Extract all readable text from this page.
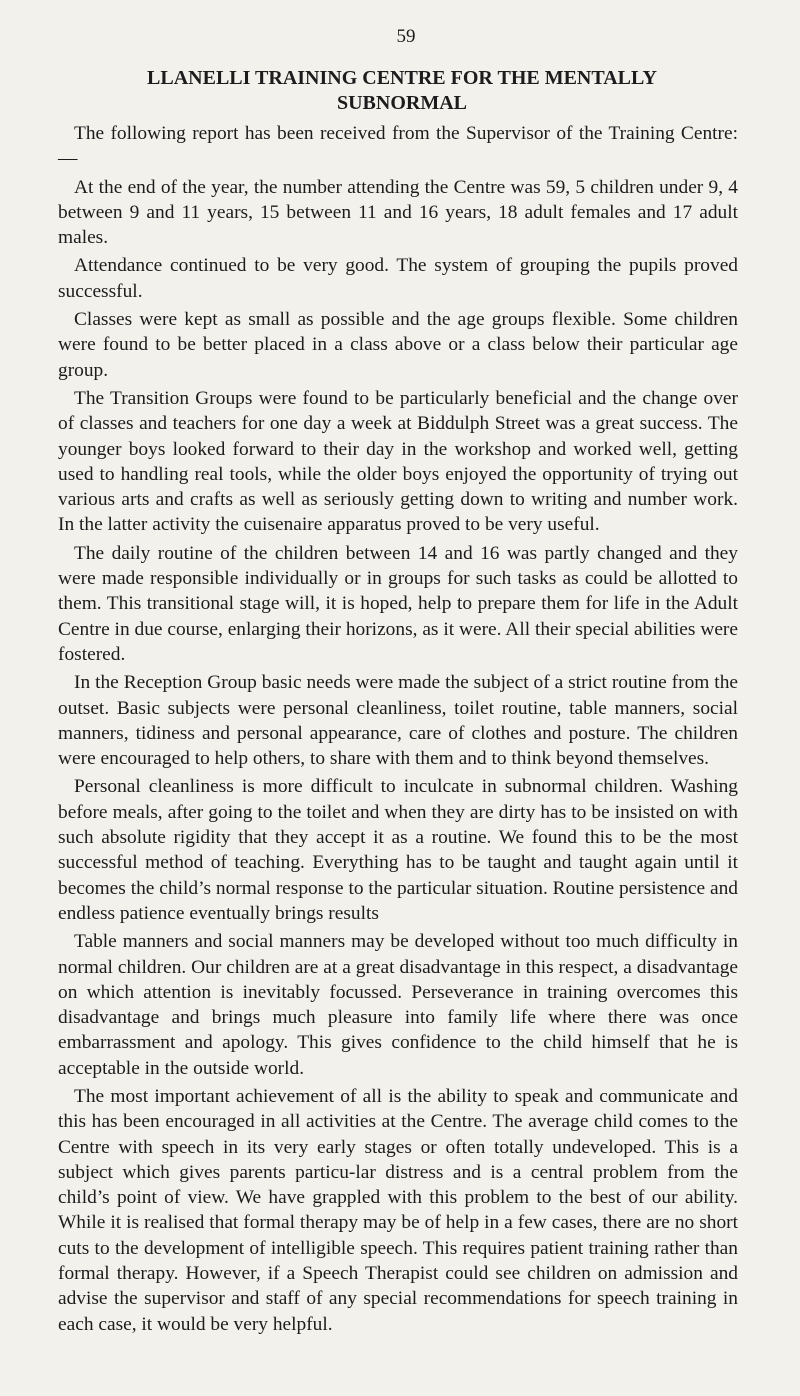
59
LLANELLI TRAINING CENTRE FOR THE MENTALLY
SUBNORMAL

The following report has been received from the Supervisor of the Training Centre:—

At the end of the year, the number attending the Centre was 59, 5 children under 9, 4 between 9 and 11 years, 15 between 11 and 16 years, 18 adult females and 17 adult males.

Attendance continued to be very good. The system of grouping the pupils proved successful.

Classes were kept as small as possible and the age groups flexible. Some children were found to be better placed in a class above or a class below their particular age group.

The Transition Groups were found to be particularly beneficial and the change over of classes and teachers for one day a week at Biddulph Street was a great success. The younger boys looked forward to their day in the workshop and worked well, getting used to handling real tools, while the older boys enjoyed the opportunity of trying out various arts and crafts as well as seriously getting down to writing and number work. In the latter activity the cuisenaire apparatus proved to be very useful.

The daily routine of the children between 14 and 16 was partly changed and they were made responsible individually or in groups for such tasks as could be allotted to them. This transitional stage will, it is hoped, help to prepare them for life in the Adult Centre in due course, enlarging their horizons, as it were. All their special abilities were fostered.

In the Reception Group basic needs were made the subject of a strict routine from the outset. Basic subjects were personal cleanliness, toilet routine, table manners, social manners, tidiness and personal appearance, care of clothes and posture. The children were encouraged to help others, to share with them and to think beyond themselves.

Personal cleanliness is more difficult to inculcate in subnormal children. Washing before meals, after going to the toilet and when they are dirty has to be insisted on with such absolute rigidity that they accept it as a routine. We found this to be the most successful method of teaching. Everything has to be taught and taught again until it becomes the child’s normal response to the particular situation. Routine persistence and endless patience eventually brings results

Table manners and social manners may be developed without too much difficulty in normal children. Our children are at a great disadvantage in this respect, a disadvantage on which attention is inevitably focussed. Perseverance in training overcomes this disadvantage and brings much pleasure into family life where there was once embarrassment and apology. This gives confidence to the child himself that he is acceptable in the outside world.

The most important achievement of all is the ability to speak and communicate and this has been encouraged in all activities at the Centre. The average child comes to the Centre with speech in its very early stages or often totally undeveloped. This is a subject which gives parents particu-lar distress and is a central problem from the child’s point of view. We have grappled with this problem to the best of our ability. While it is realised that formal therapy may be of help in a few cases, there are no short cuts to the development of intelligible speech. This requires patient training rather than formal therapy. However, if a Speech Therapist could see children on admission and advise the supervisor and staff of any special recommendations for speech training in each case, it would be very helpful.
